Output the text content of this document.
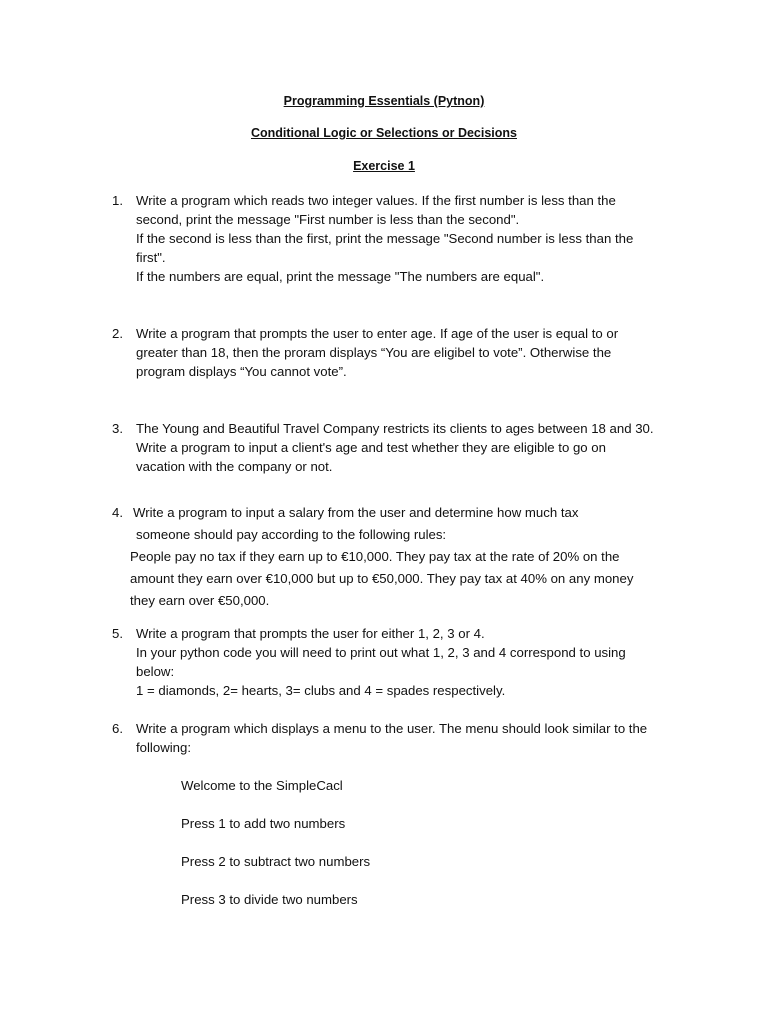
Programming Essentials (Pytnon)
Conditional Logic or Selections or Decisions
Exercise 1
1. Write a program which reads two integer values. If the first number is less than the
second, print the message "First number is less than the second".
If the second is less than the first, print the message "Second number is less than the
first".
If the numbers are equal, print the message "The numbers are equal".
2. Write a program that prompts the user to enter age. If age of the user is equal to or
greater than 18, then the proram displays “You are eligibel to vote”. Otherwise the
program displays “You cannot vote”.
3. The Young and Beautiful Travel Company restricts its clients to ages between 18 and 30.
Write a program to input a client's age and test whether they are eligible to go on
vacation with the company or not.
4. Write a program to input a salary from the user and determine how much tax
someone should pay according to the following rules:
People pay no tax if they earn up to €10,000. They pay tax at the rate of 20% on the
amount they earn over €10,000 but up to €50,000. They pay tax at 40% on any money
they earn over €50,000.
5. Write a program that prompts the user for either 1, 2, 3 or 4.
In your python code you will need to print out what 1, 2, 3 and 4 correspond to using
below:
1 = diamonds, 2= hearts, 3= clubs and 4 = spades respectively.
6. Write a program which displays a menu to the user. The menu should look similar to the
following:
Welcome to the SimpleCacl
Press 1 to add two numbers
Press 2 to subtract two numbers
Press 3 to divide two numbers
